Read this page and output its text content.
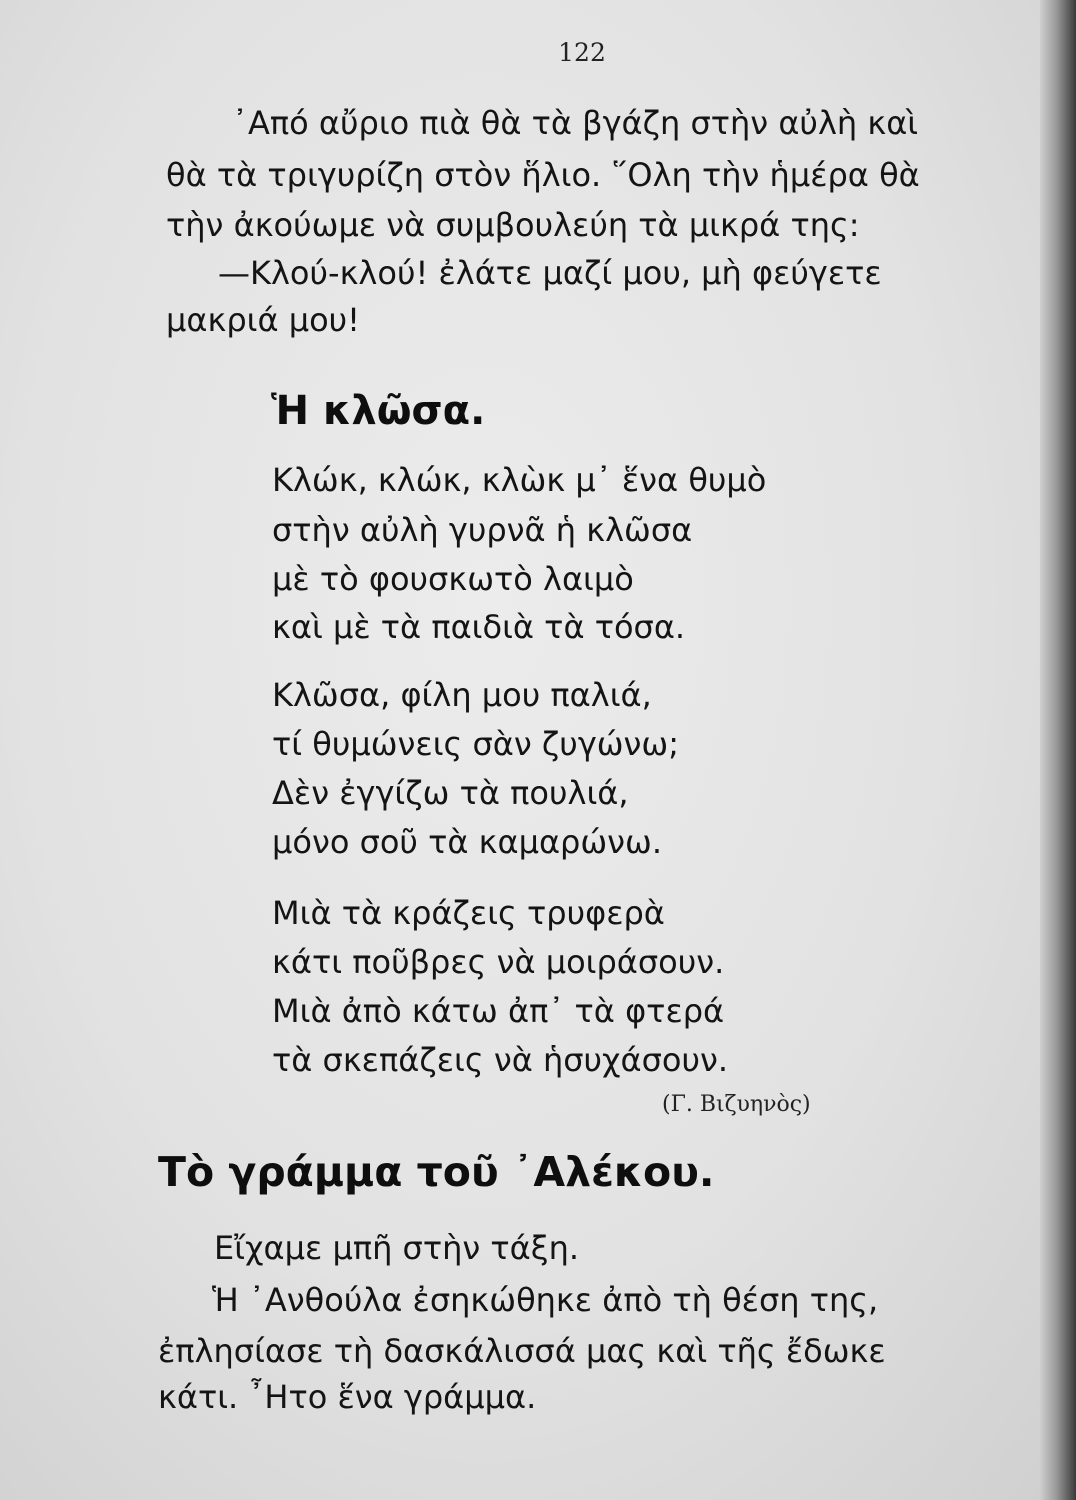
122
᾿Από αὔριο πιὰ θὰ τὰ βγάζη στὴν αὐλὴ καὶ
θὰ τὰ τριγυρίζη στὸν ἥλιο. ῞Ολη τὴν ἡμέρα θὰ
τὴν ἀκούωμε νὰ συμβουλεύη τὰ μικρά της:
—Κλού-κλού! ἐλάτε μαζί μου, μὴ φεύγετε
μακριά μου!
Ἡ κλῶσα.
Κλώκ, κλώκ, κλὼκ μ᾿ ἕνα θυμὸ
στὴν αὐλὴ γυρνᾶ ἡ κλῶσα
μὲ τὸ φουσκωτὸ λαιμὸ
καὶ μὲ τὰ παιδιὰ τὰ τόσα.
Κλῶσα, φίλη μου παλιά,
τί θυμώνεις σὰν ζυγώνω;
Δὲν ἐγγίζω τὰ πουλιά,
μόνο σοῦ τὰ καμαρώνω.
Μιὰ τὰ κράζεις τρυφερὰ
κάτι ποῦβρες νὰ μοιράσουν.
Μιὰ ἀπὸ κάτω ἀπ᾿ τὰ φτερά
τὰ σκεπάζεις νὰ ἡσυχάσουν.
(Γ. Βιζυηνὸς)
Τὸ γράμμα τοῦ ᾿Αλέκου.
Εἴχαμε μπῆ στὴν τάξη.
Ἡ ᾿Ανθούλα ἐσηκώθηκε ἀπὸ τὴ θέση της,
ἐπλησίασε τὴ δασκάλισσά μας καὶ τῆς ἔδωκε
κάτι. ῏Ητο ἕνα γράμμα.
